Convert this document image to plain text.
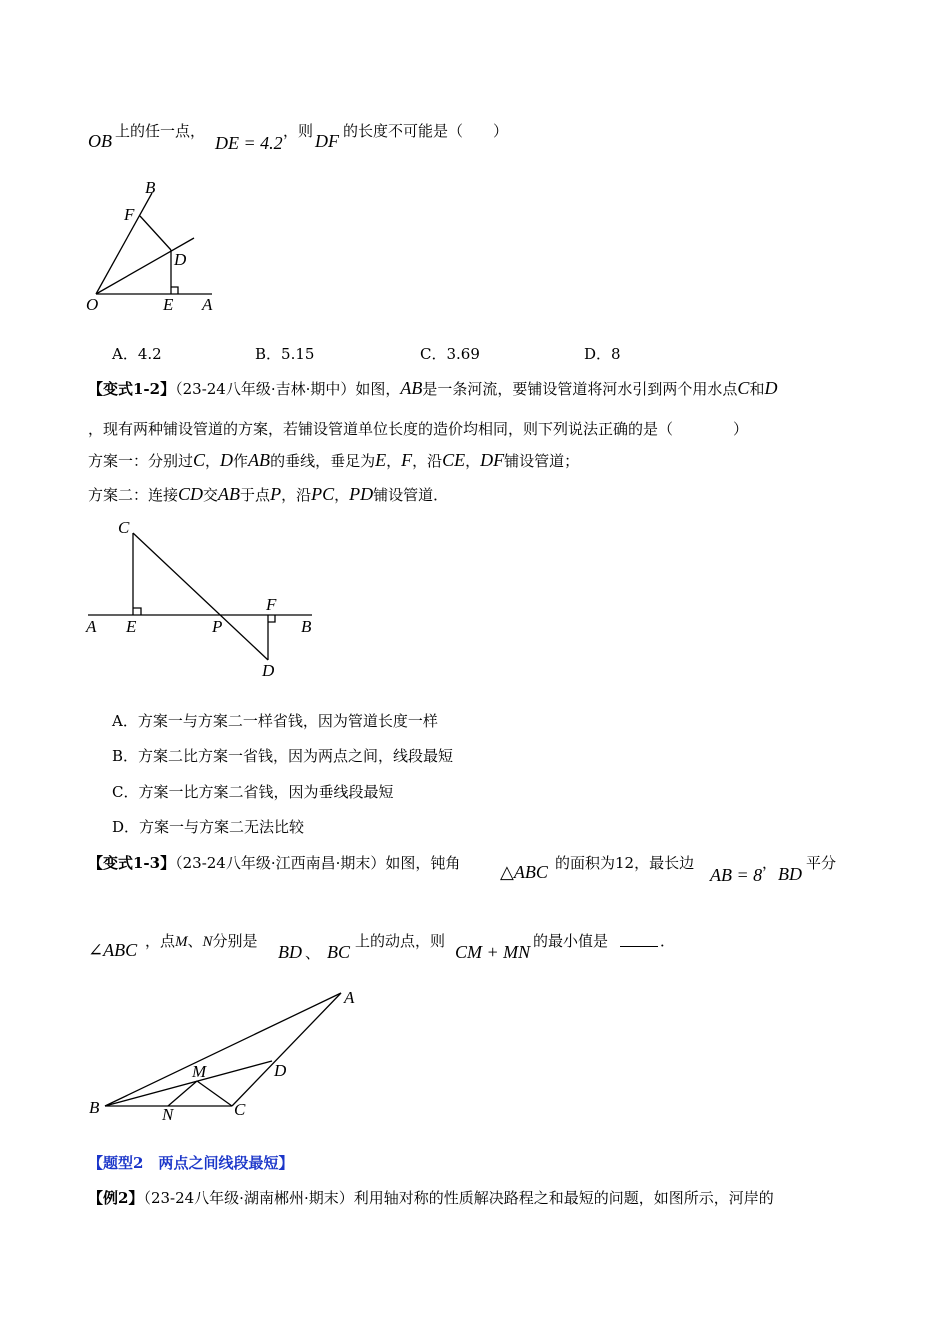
OB 上的任一点，
DE = 4.2
，则 DF 的长度不可能是（　　）
B
F
D
O	E A
A．4.2	B．5.15	C．3.69	D．8
【变式1-2】（23-24八年级·吉林·期中）如图，AB是一条河流，要铺设管道将河水引到两个用水点C和D
，现有两种铺设管道的方案，若铺设管道单位长度的造价均相同，则下列说法正确的是（　　　　）
方案一：分别过C，D作AB的垂线，垂足为E，F，沿CE，DF铺设管道；
方案二：连接CD交AB于点P，沿PC，PD铺设管道．
C
A E	P
F
B
D
A．方案一与方案二一样省钱，因为管道长度一样
B．方案二比方案一省钱，因为两点之间，线段最短
C．方案一比方案二省钱，因为垂线段最短
D．方案一与方案二无法比较
【变式1-3】（23-24八年级·江西南昌·期末）如图，钝角 △ABC 的面积为12，最长边
AB = 8
，
BD
平分
∠ABC ，点M、N分别是
BD 、 BC
上的动点，则
CM + MN
的最小值是	．
A
M	D
B	N	C
【题型2　两点之间线段最短】
【例2】（23-24八年级·湖南郴州·期末）利用轴对称的性质解决路程之和最短的问题，如图所示，河岸的
